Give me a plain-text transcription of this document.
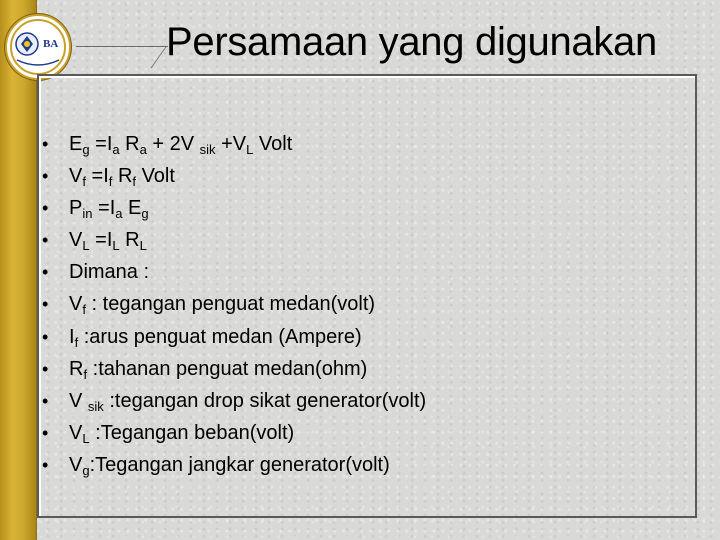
BA	Persamaan yang digunakan
• $E_g =I_a$ $R_a + 2V$ $_{sik} +V_L$ Volt
• $V_f =I_f$ $R_f$ Volt
• $P_{in} =I_a$ $E_g$
• $V_L =I_L$ $R_L$
• Dimana :
• $V_f$ : tegangan penguat medan(volt)
• $I_f$ :arus penguat medan (Ampere)
• $R_f$ :tahanan penguat medan(ohm)
• V $_{sik}$ :tegangan drop sikat generator(volt)
• $V_L$ :Tegangan beban(volt)
• $V_g:Tegangan$ jangkar generator(volt)
